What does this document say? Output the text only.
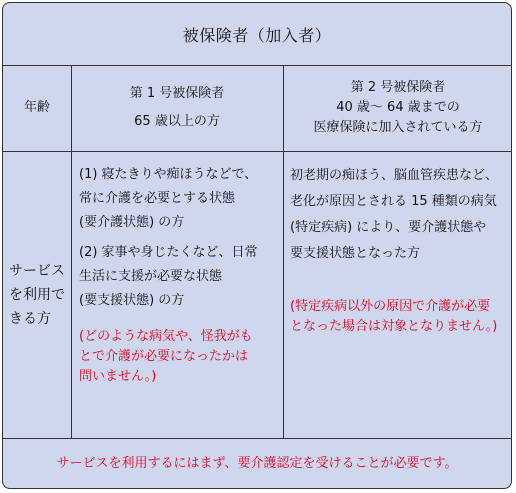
被保険者（加入者）
年齢
第 1 号被保険者
65 歳以上の方
第 2 号被保険者
40 歳〜 64 歳までの
医療保険に加入されている方
サービス
を利用で
きる方

(1) 寝たきりや痴ほうなどで、

常に介護を必要とする状態

(要介護状態) の方

(2) 家事や身じたくなど、日常

生活に支援が必要な状態

(要支援状態) の方

(どのような病気や、怪我がも

とで介護が必要になったかは

問いません。)

初老期の痴ほう、脳血管疾患など、

老化が原因とされる 15 種類の病気

(特定疾病) により、要介護状態や

要支援状態となった方

(特定疾病以外の原因で介護が必要

となった場合は対象となりません。)

サービスを利用するにはまず、要介護認定を受けることが必要です。
